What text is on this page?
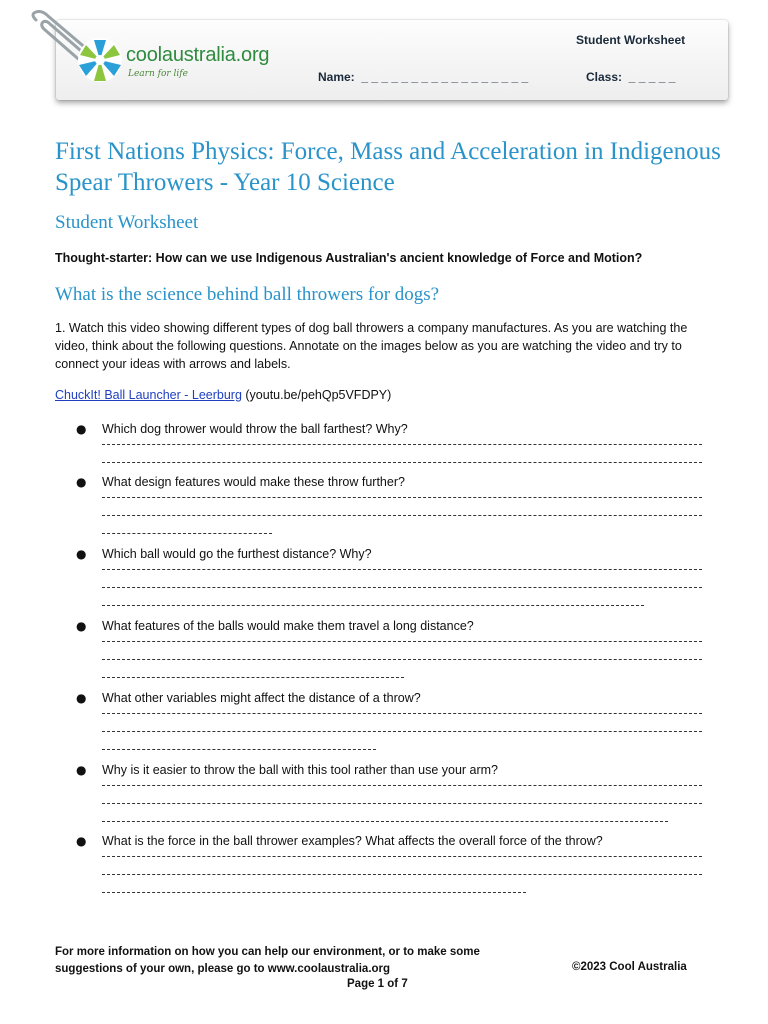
coolaustralia.org
Learn for life
Student Worksheet
Name:  _ _ _ _ _ _ _ _ _ _ _ _ _ _ _ _ _	Class:  _ _ _ _ _
First Nations Physics: Force, Mass and Acceleration in Indigenous Spear Throwers - Year 10 Science
Student Worksheet
Thought-starter: How can we use Indigenous Australian's ancient knowledge of Force and Motion?
What is the science behind ball throwers for dogs?

1. Watch this video showing different types of dog ball throwers a company manufactures. As you are watching the video, think about the following questions. Annotate on the images below as you are watching the video and try to connect your ideas with arrows and labels.

ChuckIt! Ball Launcher - Leerburg (youtu.be/pehQp5VFDPY)
● Which dog thrower would throw the ball farthest? Why?
● What design features would make these throw further?
● Which ball would go the furthest distance? Why?
● What features of the balls would make them travel a long distance?
● What other variables might affect the distance of a throw?
● Why is it easier to throw the ball with this tool rather than use your arm?
● What is the force in the ball thrower examples? What affects the overall force of the throw?
For more information on how you can help our environment, or to make some suggestions of your own, please go to www.coolaustralia.org	©2023 Cool Australia
Page 1 of 7
